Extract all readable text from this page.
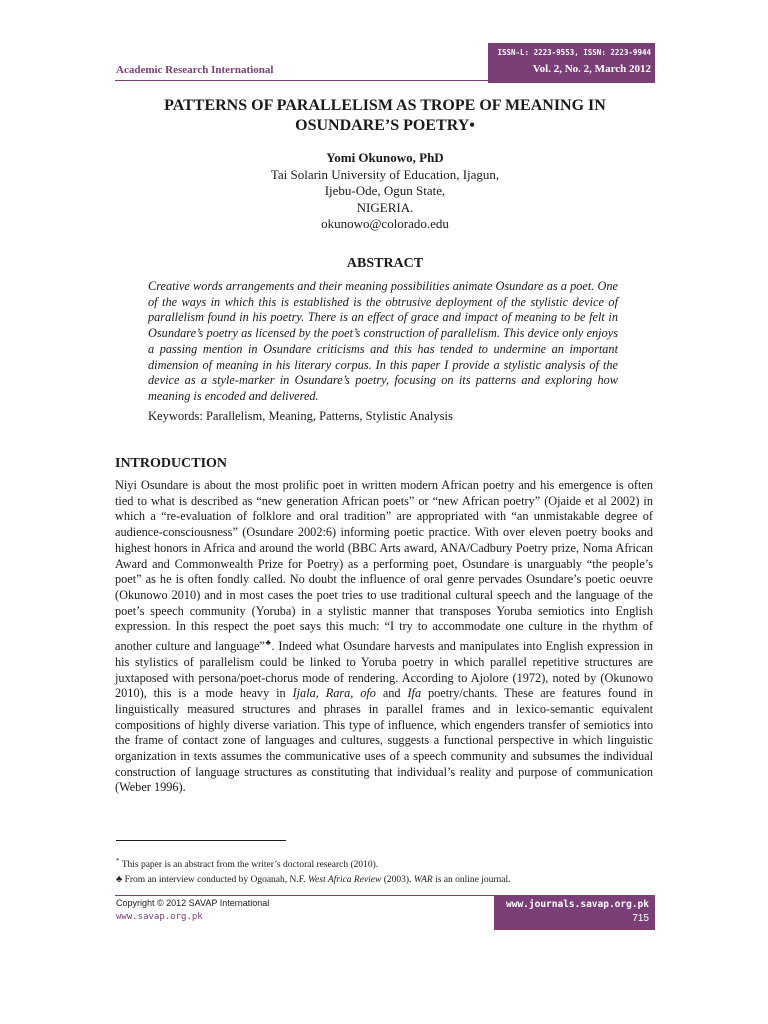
ISSN-L: 2223-9553, ISSN: 2223-9944
Vol. 2, No. 2, March 2012
Academic Research International
PATTERNS OF PARALLELISM AS TROPE OF MEANING IN
OSUNDARE’S POETRY•
Yomi Okunowo, PhD
Tai Solarin University of Education, Ijagun,
Ijebu-Ode, Ogun State,
NIGERIA.
okunowo@colorado.edu
ABSTRACT
Creative words arrangements and their meaning possibilities animate Osundare as a poet. One of the ways in which this is established is the obtrusive deployment of the stylistic device of parallelism found in his poetry. There is an effect of grace and impact of meaning to be felt in Osundare’s poetry as licensed by the poet’s construction of parallelism. This device only enjoys a passing mention in Osundare criticisms and this has tended to undermine an important dimension of meaning in his literary corpus. In this paper I provide a stylistic analysis of the device as a style-marker in Osundare’s poetry, focusing on its patterns and exploring how meaning is encoded and delivered.
Keywords: Parallelism, Meaning, Patterns, Stylistic Analysis
INTRODUCTION
Niyi Osundare is about the most prolific poet in written modern African poetry and his emergence is often tied to what is described as “new generation African poets” or “new African poetry” (Ojaide et al 2002) in which a “re-evaluation of folklore and oral tradition” are appropriated with “an unmistakable degree of audience-consciousness” (Osundare 2002:6) informing poetic practice. With over eleven poetry books and highest honors in Africa and around the world (BBC Arts award, ANA/Cadbury Poetry prize, Noma African Award and Commonwealth Prize for Poetry) as a performing poet, Osundare is unarguably “the people’s poet” as he is often fondly called. No doubt the influence of oral genre pervades Osundare’s poetic oeuvre (Okunowo 2010) and in most cases the poet tries to use traditional cultural speech and the language of the poet’s speech community (Yoruba) in a stylistic manner that transposes Yoruba semiotics into English expression. In this respect the poet says this much: “I try to accommodate one culture in the rhythm of another culture and language”♣. Indeed what Osundare harvests and manipulates into English expression in his stylistics of parallelism could be linked to Yoruba poetry in which parallel repetitive structures are juxtaposed with persona/poet-chorus mode of rendering. According to Ajolore (1972), noted by (Okunowo 2010), this is a mode heavy in Ijala, Rara, ofo and Ifa poetry/chants. These are features found in linguistically measured structures and phrases in parallel frames and in lexico-semantic equivalent compositions of highly diverse variation. This type of influence, which engenders transfer of semiotics into the frame of contact zone of languages and cultures, suggests a functional perspective in which linguistic organization in texts assumes the communicative uses of a speech community and subsumes the individual construction of language structures as constituting that individual’s reality and purpose of communication (Weber 1996).
* This paper is an abstract from the writer’s doctoral research (2010).
♣ From an interview conducted by Ogoanah, N.F. West Africa Review (2003). WAR is an online journal.
Copyright © 2012 SAVAP International
www.savap.org.pk
www.journals.savap.org.pk
715
